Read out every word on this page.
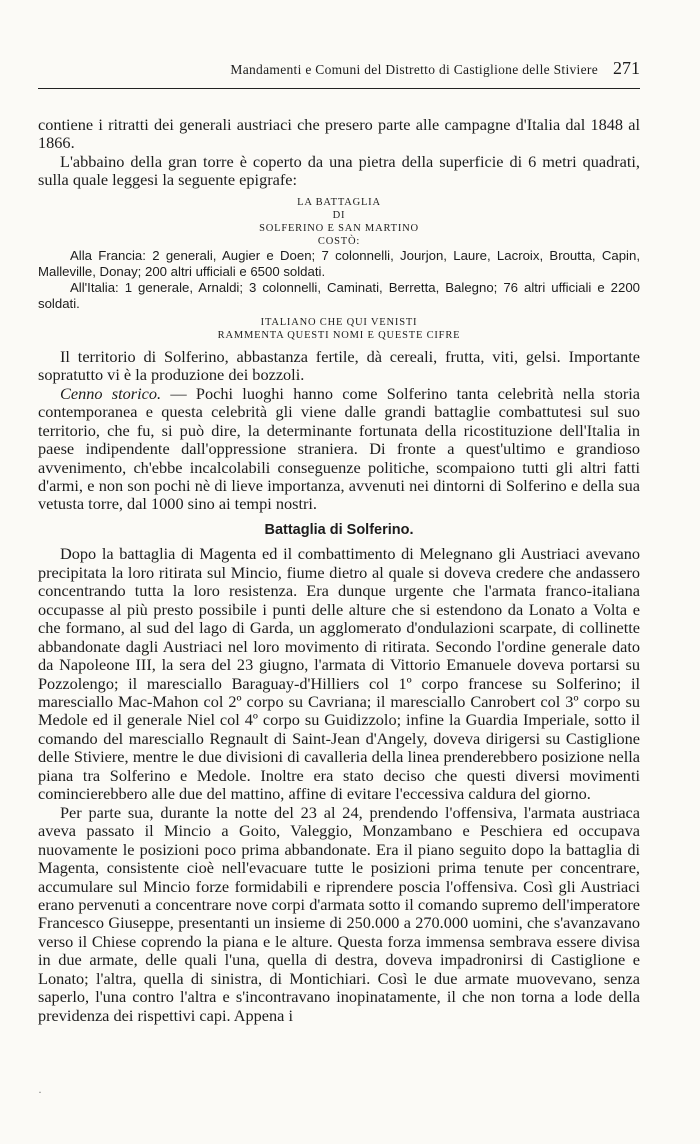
Mandamenti e Comuni del Distretto di Castiglione delle Stiviere 271

contiene i ritratti dei generali austriaci che presero parte alle campagne d'Italia dal 1848 al 1866.

L'abbaino della gran torre è coperto da una pietra della superficie di 6 metri quadrati, sulla quale leggesi la seguente epigrafe:

LA BATTAGLIA
DI
SOLFERINO E SAN MARTINO
COSTÒ:
Alla Francia: 2 generali, Augier e Doen; 7 colonnelli, Jourjon, Laure, Lacroix, Broutta, Capin, Malleville, Donay; 200 altri ufficiali e 6500 soldati.
All'Italia: 1 generale, Arnaldi; 3 colonnelli, Caminati, Berretta, Balegno; 76 altri ufficiali e 2200 soldati.
ITALIANO CHE QUI VENISTI
RAMMENTA QUESTI NOMI E QUESTE CIFRE

Il territorio di Solferino, abbastanza fertile, dà cereali, frutta, viti, gelsi. Importante sopratutto vi è la produzione dei bozzoli.

Cenno storico. — Pochi luoghi hanno come Solferino tanta celebrità nella storia contemporanea e questa celebrità gli viene dalle grandi battaglie combattutesi sul suo territorio, che fu, si può dire, la determinante fortunata della ricostituzione dell'Italia in paese indipendente dall'oppressione straniera. Di fronte a quest'ultimo e grandioso avvenimento, ch'ebbe incalcolabili conseguenze politiche, scompaiono tutti gli altri fatti d'armi, e non son pochi nè di lieve importanza, avvenuti nei dintorni di Solferino e della sua vetusta torre, dal 1000 sino ai tempi nostri.

Battaglia di Solferino.

Dopo la battaglia di Magenta ed il combattimento di Melegnano gli Austriaci avevano precipitata la loro ritirata sul Mincio, fiume dietro al quale si doveva credere che andassero concentrando tutta la loro resistenza. Era dunque urgente che l'armata franco-italiana occupasse al più presto possibile i punti delle alture che si estendono da Lonato a Volta e che formano, al sud del lago di Garda, un agglomerato d'ondulazioni scarpate, di collinette abbandonate dagli Austriaci nel loro movimento di ritirata. Secondo l'ordine generale dato da Napoleone III, la sera del 23 giugno, l'armata di Vittorio Emanuele doveva portarsi su Pozzolengo; il maresciallo Baraguay-d'Hilliers col 1º corpo francese su Solferino; il maresciallo Mac-Mahon col 2º corpo su Cavriana; il maresciallo Canrobert col 3º corpo su Medole ed il generale Niel col 4º corpo su Guidizzolo; infine la Guardia Imperiale, sotto il comando del maresciallo Regnault di Saint-Jean d'Angely, doveva dirigersi su Castiglione delle Stiviere, mentre le due divisioni di cavalleria della linea prenderebbero posizione nella piana tra Solferino e Medole. Inoltre era stato deciso che questi diversi movimenti comincierebbero alle due del mattino, affine di evitare l'eccessiva caldura del giorno.

Per parte sua, durante la notte del 23 al 24, prendendo l'offensiva, l'armata austriaca aveva passato il Mincio a Goito, Valeggio, Monzambano e Peschiera ed occupava nuovamente le posizioni poco prima abbandonate. Era il piano seguito dopo la battaglia di Magenta, consistente cioè nell'evacuare tutte le posizioni prima tenute per concentrare, accumulare sul Mincio forze formidabili e riprendere poscia l'offensiva. Così gli Austriaci erano pervenuti a concentrare nove corpi d'armata sotto il comando supremo dell'imperatore Francesco Giuseppe, presentanti un insieme di 250.000 a 270.000 uomini, che s'avanzavano verso il Chiese coprendo la piana e le alture. Questa forza immensa sembrava essere divisa in due armate, delle quali l'una, quella di destra, doveva impadronirsi di Castiglione e Lonato; l'altra, quella di sinistra, di Montichiari. Così le due armate muovevano, senza saperlo, l'una contro l'altra e s'incontravano inopinatamente, il che non torna a lode della previdenza dei rispettivi capi. Appena i

·
